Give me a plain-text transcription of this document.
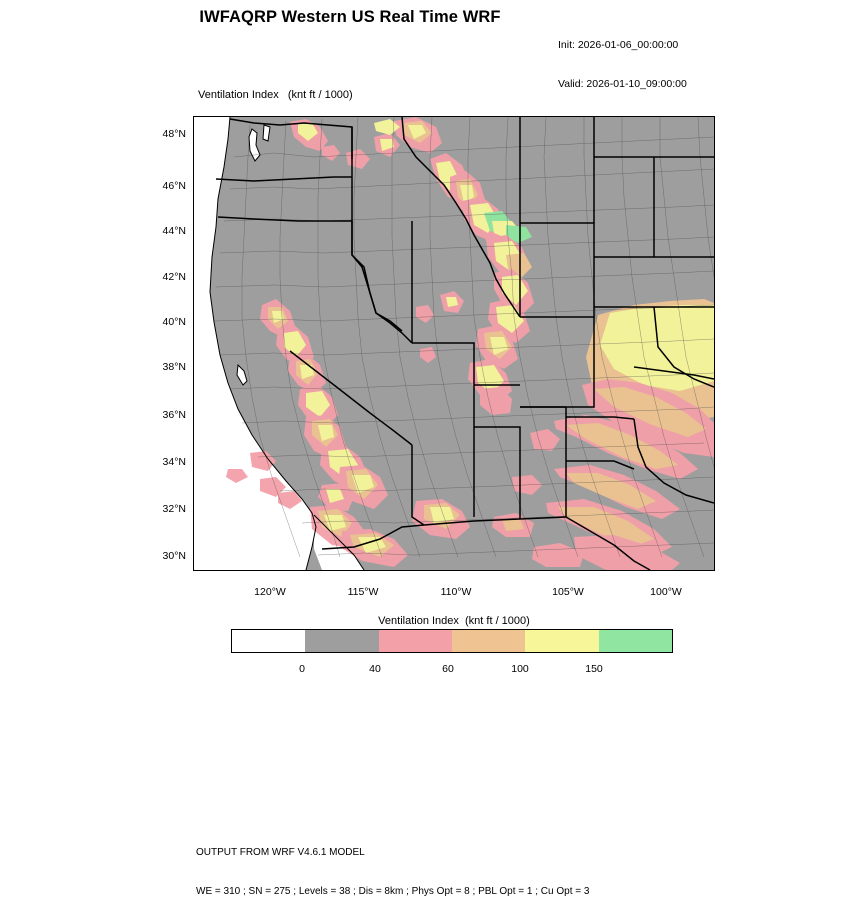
IWFAQRP Western US Real Time WRF

Init: 2026-01-06_00:00:00

Valid: 2026-01-10_09:00:00

Ventilation Index   (knt ft / 1000)
48°N
46°N
44°N
42°N
40°N
38°N
36°N
34°N
32°N
30°N
120°W	115°W	110°W	105°W	100°W
Ventilation Index  (knt ft / 1000)
0	40	60	100	150

OUTPUT FROM WRF V4.6.1 MODEL

WE = 310 ; SN = 275 ; Levels = 38 ; Dis = 8km ; Phys Opt = 8 ; PBL Opt = 1 ; Cu Opt = 3
